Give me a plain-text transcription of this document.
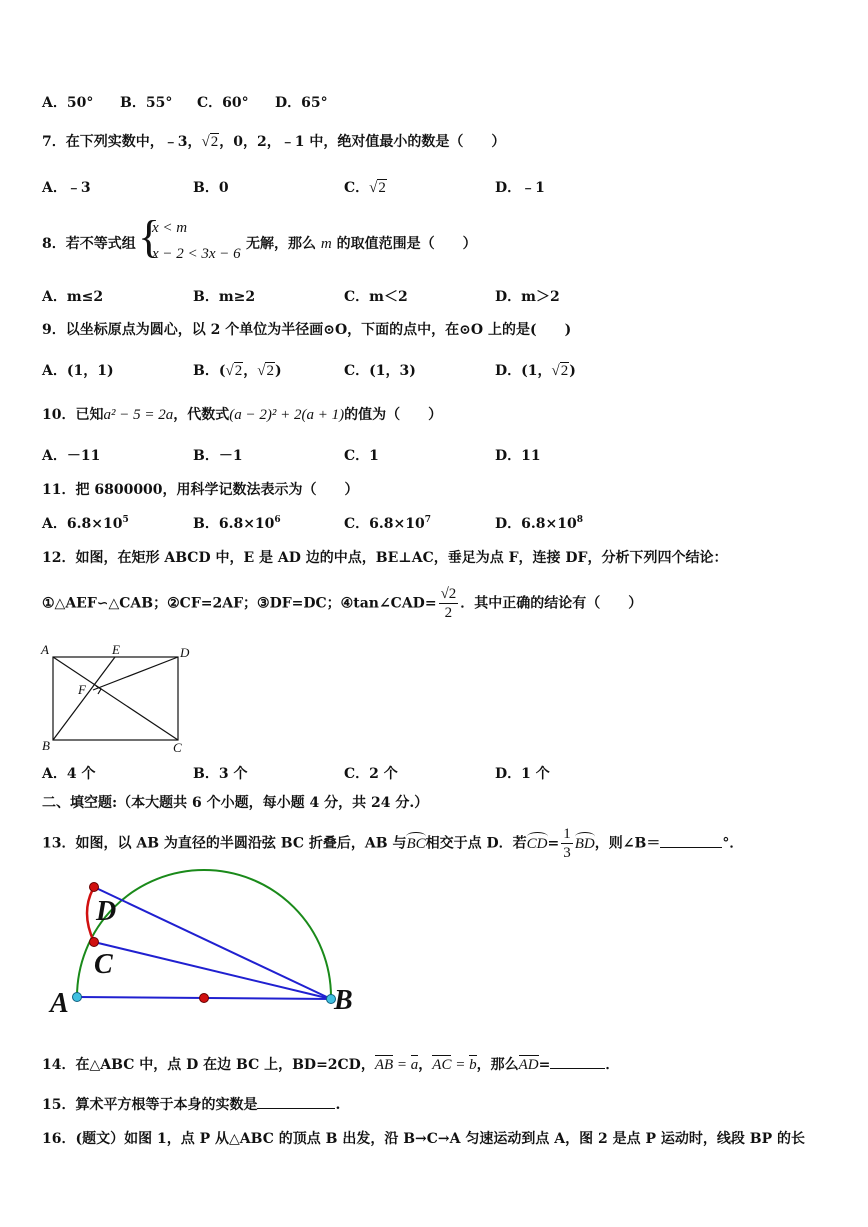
A．50° B．55° C．60° D．65°
7．在下列实数中，﹣3，√2，0，2，﹣1 中，绝对值最小的数是（　　）
A．﹣3	B．0	C．√2	D．﹣1
8．若不等式组 {
x < m
x − 2 < 3x − 6
无解，那么 m 的取值范围是（　　）
A．m≤2	B．m≥2	C．m＜2	D．m＞2
9．以坐标原点为圆心，以 2 个单位为半径画⊙O，下面的点中，在⊙O 上的是(　　)
A．(1，1)	B．(√2，√2)	C．(1，3)	D．(1，√2)
10．已知a² − 5 = 2a，代数式(a − 2)² + 2(a + 1)的值为（　　）
A．－11	B．－1	C．1	D．11
11．把 6800000，用科学记数法表示为（　　）
A．$6.8\times 10^5$	B．$6.8\times 10^6$	C．$6.8\times 10^7$	D．$6.8\times 10^8$
12．如图，在矩形 ABCD 中，E 是 AD 边的中点，BE⊥AC，垂足为点 F，连接 DF，分析下列四个结论：
①△AEF∽△CAB；②CF=2AF；③DF=DC；④tan∠CAD= $\frac{√2}{2}$ ．其中正确的结论有（　　）
A	E	D
F
B	C
A．4 个	B．3 个	C．2 个	D．1 个
二、填空题:（本大题共 6 个小题，每小题 4 分，共 24 分.）
13．如图，以 AB 为直径的半圆沿弦 BC 折叠后，AB 与BC相交于点 D．若$CD= \frac{1}{3}$ BD，则∠B＝	°．
D
C
A	B
14．在△ABC 中，点 D 在边 BC 上，BD=2CD，AB = a，AC = b，那么AD=	．
15．算术平方根等于本身的实数是	.
16．(题文）如图 1，点 P 从△ABC 的顶点 B 出发，沿 B→C→A 匀速运动到点 A，图 2 是点 P 运动时，线段 BP 的长
